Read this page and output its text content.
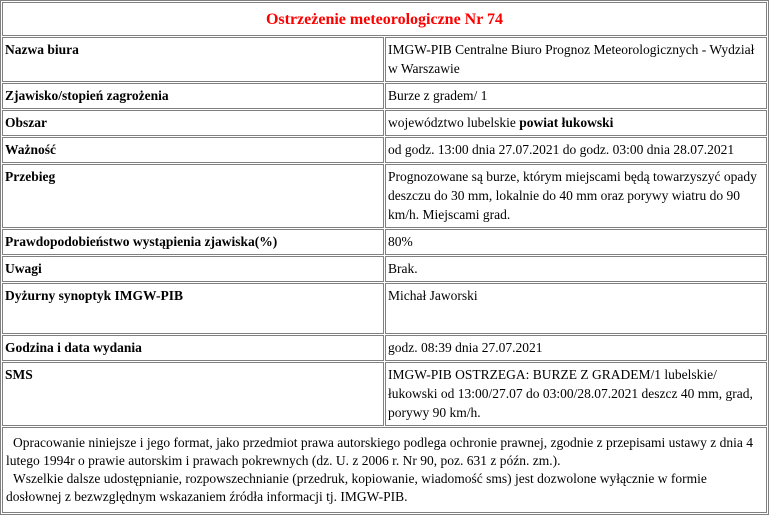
Ostrzeżenie meteorologiczne Nr 74	
Nazwa biura	IMGW-PIB Centralne Biuro Prognoz Meteorologicznych - Wydział w Warszawie
Zjawisko/stopień zagrożenia	Burze z gradem/ 1
Obszar	województwo lubelskie powiat łukowski
Ważność	od godz. 13:00 dnia 27.07.2021 do godz. 03:00 dnia 28.07.2021
Przebieg	Prognozowane są burze, którym miejscami będą towarzyszyć opady deszczu do 30 mm, lokalnie do 40 mm oraz porywy wiatru do 90 km/h. Miejscami grad.
Prawdopodobieństwo wystąpienia zjawiska(%)	80%
Uwagi	Brak.
Dyżurny synoptyk IMGW-PIB	Michał Jaworski
Godzina i data wydania	godz. 08:39 dnia 27.07.2021
SMS	IMGW-PIB OSTRZEGA: BURZE Z GRADEM/1 lubelskie/łukowski od 13:00/27.07 do 03:00/28.07.2021 deszcz 40 mm, grad, porywy 90 km/h.

Opracowanie niniejsze i jego format, jako przedmiot prawa autorskiego podlega ochronie prawnej, zgodnie z przepisami ustawy z dnia 4 lutego 1994r o prawie autorskim i prawach pokrewnych (dz. U. z 2006 r. Nr 90, poz. 631 z późn. zm.).
Wszelkie dalsze udostępnianie, rozpowszechnianie (przedruk, kopiowanie, wiadomość sms) jest dozwolone wyłącznie w formie dosłownej z bezwzględnym wskazaniem źródła informacji tj. IMGW-PIB.	
